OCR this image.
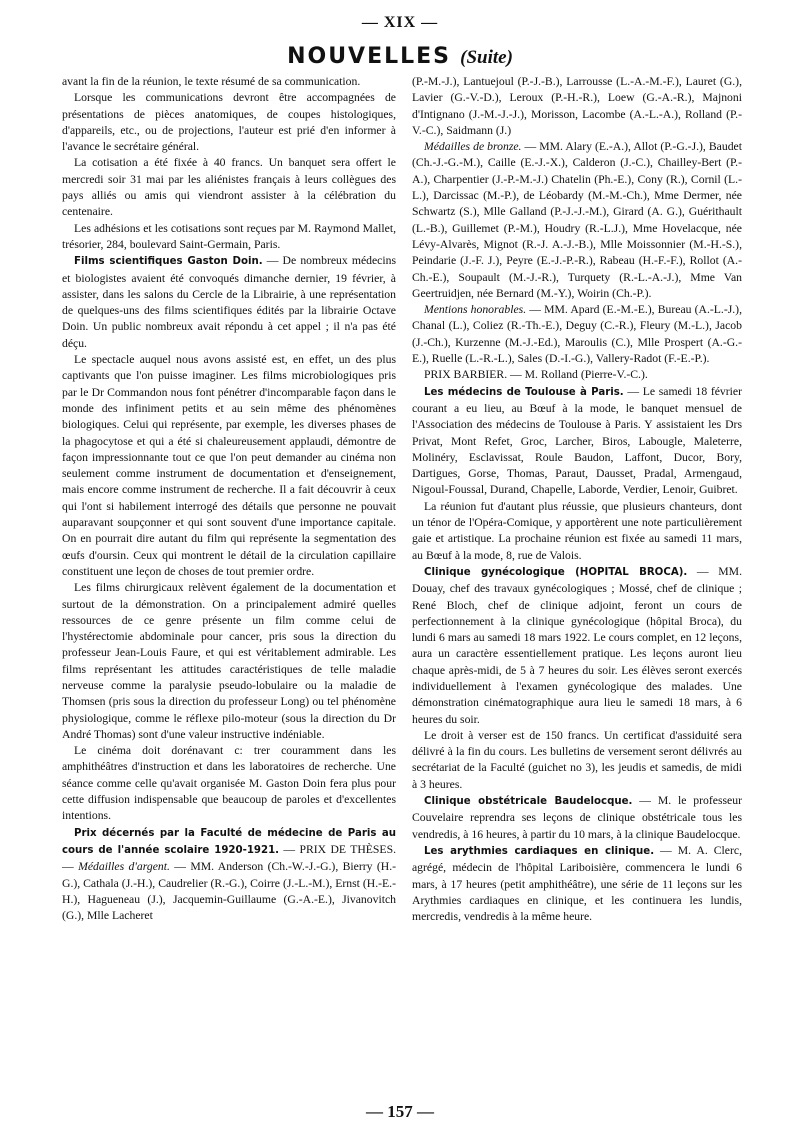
— XIX —
NOUVELLES (Suite)

avant la fin de la réunion, le texte résumé de sa communication.

Lorsque les communications devront être accompagnées de présentations de pièces anatomiques, de coupes histologiques, d'appareils, etc., ou de projections, l'auteur est prié d'en informer à l'avance le secrétaire général.

La cotisation a été fixée à 40 francs. Un banquet sera offert le mercredi soir 31 mai par les aliénistes français à leurs collègues des pays alliés ou amis qui viendront assister à la célébration du centenaire.

Les adhésions et les cotisations sont reçues par M. Raymond Mallet, trésorier, 284, boulevard Saint-Germain, Paris.

Films scientifiques Gaston Doin. — De nombreux médecins et biologistes avaient été convoqués dimanche dernier, 19 février, à assister, dans les salons du Cercle de la Librairie, à une représentation de quelques-uns des films scientifiques édités par la librairie Octave Doin. Un public nombreux avait répondu à cet appel ; il n'a pas été déçu.

Le spectacle auquel nous avons assisté est, en effet, un des plus captivants que l'on puisse imaginer. Les films microbiologiques pris par le Dr Commandon nous font pénétrer d'incomparable façon dans le monde des infiniment petits et au sein même des phénomènes biologiques. Celui qui représente, par exemple, les diverses phases de la phagocytose et qui a été si chaleureusement applaudi, démontre de façon impressionnante tout ce que l'on peut demander au cinéma non seulement comme instrument de documentation et d'enseignement, mais encore comme instrument de recherche. Il a fait découvrir à ceux qui l'ont si habilement interrogé des détails que personne ne pouvait auparavant soupçonner et qui sont souvent d'une importance capitale. On en pourrait dire autant du film qui représente la segmentation des œufs d'oursin. Ceux qui montrent le détail de la circulation capillaire constituent une leçon de choses de tout premier ordre.

Les films chirurgicaux relèvent également de la documentation et surtout de la démonstration. On a principalement admiré quelles ressources de ce genre présente un film comme celui de l'hystérectomie abdominale pour cancer, pris sous la direction du professeur Jean-Louis Faure, et qui est véritablement admirable. Les films représentant les attitudes caractéristiques de telle maladie nerveuse comme la paralysie pseudo-lobulaire ou la maladie de Thomsen (pris sous la direction du professeur Long) ou tel phénomène physiologique, comme le réflexe pilo-moteur (sous la direction du Dr André Thomas) sont d'une valeur instructive indéniable.

Le cinéma doit dorénavant c: trer couramment dans les amphithéâtres d'instruction et dans les laboratoires de recherche. Une séance comme celle qu'avait organisée M. Gaston Doin fera plus pour cette diffusion indispensable que beaucoup de paroles et d'excellentes intentions.

Prix décernés par la Faculté de médecine de Paris au cours de l'année scolaire 1920-1921. — PRIX DE THÈSES. — Médailles d'argent. — MM. Anderson (Ch.-W.-J.-G.), Bierry (H.-G.), Cathala (J.-H.), Caudrelier (R.-G.), Coirre (J.-L.-M.), Ernst (H.-E.-H.), Hagueneau (J.), Jacquemin-Guillaume (G.-A.-E.), Jivanovitch (G.), Mlle Lacheret

(P.-M.-J.), Lantuejoul (P.-J.-B.), Larrousse (L.-A.-M.-F.), Lauret (G.), Lavier (G.-V.-D.), Leroux (P.-H.-R.), Loew (G.-A.-R.), Majnoni d'Intignano (J.-M.-J.-J.), Morisson, Lacombe (A.-L.-A.), Rolland (P.-V.-C.), Saidmann (J.)

Médailles de bronze. — MM. Alary (E.-A.), Allot (P.-G.-J.), Baudet (Ch.-J.-G.-M.), Caille (E.-J.-X.), Calderon (J.-C.), Chailley-Bert (P.-A.), Charpentier (J.-P.-M.-J.) Chatelin (Ph.-E.), Cony (R.), Cornil (L.-L.), Darcissac (M.-P.), de Léobardy (M.-M.-Ch.), Mme Dermer, née Schwartz (S.), Mlle Galland (P.-J.-J.-M.), Girard (A. G.), Guérithault (L.-B.), Guillemet (P.-M.), Houdry (R.-L.J.), Mme Hovelacque, née Lévy-Alvarès, Mignot (R.-J. A.-J.-B.), Mlle Moissonnier (M.-H.-S.), Peindarie (J.-F. J.), Peyre (E.-J.-P.-R.), Rabeau (H.-F.-F.), Rollot (A.-Ch.-E.), Soupault (M.-J.-R.), Turquety (R.-L.-A.-J.), Mme Van Geertruidjen, née Bernard (M.-Y.), Woirin (Ch.-P.).

Mentions honorables. — MM. Apard (E.-M.-E.), Bureau (A.-L.-J.), Chanal (L.), Coliez (R.-Th.-E.), Deguy (C.-R.), Fleury (M.-L.), Jacob (J.-Ch.), Kurzenne (M.-J.-Ed.), Maroulis (C.), Mlle Prospert (A.-G.-E.), Ruelle (L.-R.-L.), Sales (D.-I.-G.), Vallery-Radot (F.-E.-P.).

PRIX BARBIER. — M. Rolland (Pierre-V.-C.).

Les médecins de Toulouse à Paris. — Le samedi 18 février courant a eu lieu, au Bœuf à la mode, le banquet mensuel de l'Association des médecins de Toulouse à Paris. Y assistaient les Drs Privat, Mont Refet, Groc, Larcher, Biros, Labougle, Maleterre, Molinéry, Esclavissat, Roule Baudon, Laffont, Ducor, Bory, Dartigues, Gorse, Thomas, Paraut, Dausset, Pradal, Armengaud, Nigoul-Foussal, Durand, Chapelle, Laborde, Verdier, Lenoir, Guibret.

La réunion fut d'autant plus réussie, que plusieurs chanteurs, dont un ténor de l'Opéra-Comique, y apportèrent une note particulièrement gaie et artistique. La prochaine réunion est fixée au samedi 11 mars, au Bœuf à la mode, 8, rue de Valois.

Clinique gynécologique (HOPITAL BROCA). — MM. Douay, chef des travaux gynécologiques ; Mossé, chef de clinique ; René Bloch, chef de clinique adjoint, feront un cours de perfectionnement à la clinique gynécologique (hôpital Broca), du lundi 6 mars au samedi 18 mars 1922. Le cours complet, en 12 leçons, aura un caractère essentiellement pratique. Les leçons auront lieu chaque après-midi, de 5 à 7 heures du soir. Les élèves seront exercés individuellement à l'examen gynécologique des malades. Une démonstration cinématographique aura lieu le samedi 18 mars, à 6 heures du soir.

Le droit à verser est de 150 francs. Un certificat d'assiduité sera délivré à la fin du cours. Les bulletins de versement seront délivrés au secrétariat de la Faculté (guichet no 3), les jeudis et samedis, de midi à 3 heures.

Clinique obstétricale Baudelocque. — M. le professeur Couvelaire reprendra ses leçons de clinique obstétricale tous les vendredis, à 16 heures, à partir du 10 mars, à la clinique Baudelocque.

Les arythmies cardiaques en clinique. — M. A. Clerc, agrégé, médecin de l'hôpital Lariboisière, commencera le lundi 6 mars, à 17 heures (petit amphithéâtre), une série de 11 leçons sur les Arythmies cardiaques en clinique, et les continuera les lundis, mercredis, vendredis à la même heure.

— 157 —
